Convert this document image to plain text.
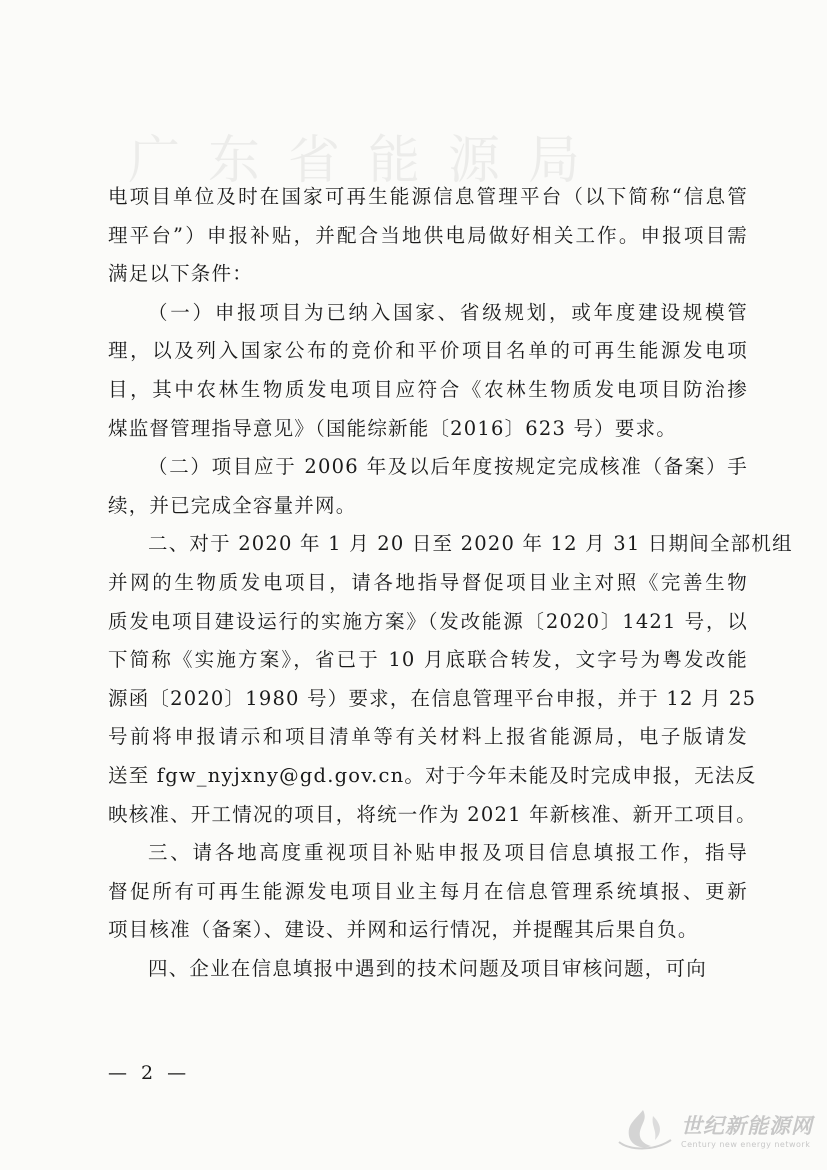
广东省能源局
电项目单位及时在国家可再生能源信息管理平台（以下简称“信息管
理平台”）申报补贴，并配合当地供电局做好相关工作。申报项目需
满足以下条件：
（一）申报项目为已纳入国家、省级规划，或年度建设规模管
理，以及列入国家公布的竞价和平价项目名单的可再生能源发电项
目，其中农林生物质发电项目应符合《农林生物质发电项目防治掺
煤监督管理指导意见》（国能综新能〔2016〕623 号）要求。
（二）项目应于 2006 年及以后年度按规定完成核准（备案）手
续，并已完成全容量并网。
二、对于 2020 年 1 月 20 日至 2020 年 12 月 31 日期间全部机组
并网的生物质发电项目，请各地指导督促项目业主对照《完善生物
质发电项目建设运行的实施方案》（发改能源〔2020〕1421 号，以
下简称《实施方案》，省已于 10 月底联合转发，文字号为粤发改能
源函〔2020〕1980 号）要求，在信息管理平台申报，并于 12 月 25
号前将申报请示和项目清单等有关材料上报省能源局，电子版请发
送至 fgw_nyjxny@gd.gov.cn。对于今年未能及时完成申报，无法反
映核准、开工情况的项目，将统一作为 2021 年新核准、新开工项目。
三、请各地高度重视项目补贴申报及项目信息填报工作，指导
督促所有可再生能源发电项目业主每月在信息管理系统填报、更新
项目核准（备案）、建设、并网和运行情况，并提醒其后果自负。
四、企业在信息填报中遇到的技术问题及项目审核问题，可向
— 2 —
世纪新能源网
Century new energy network
